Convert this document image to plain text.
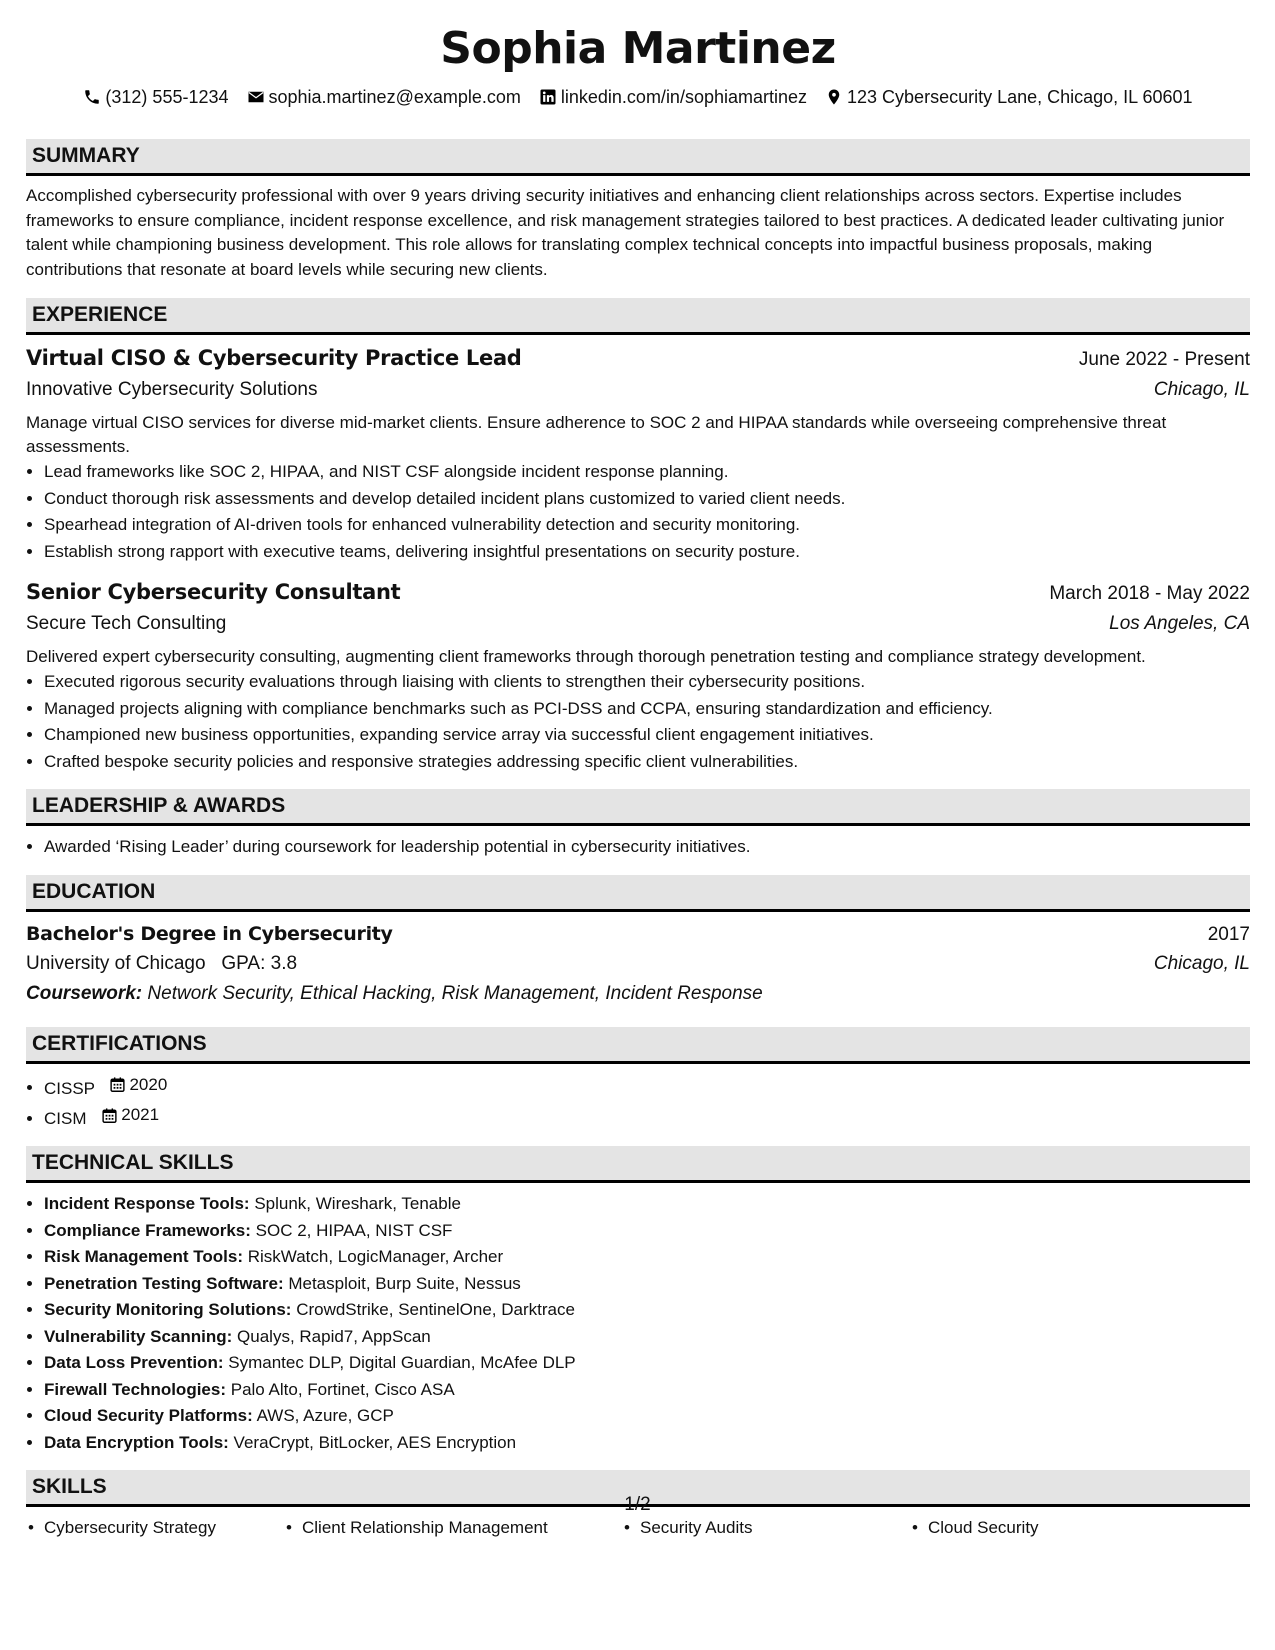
Sophia Martinez
(312) 555-1234 sophia.martinez@example.com linkedin.com/in/sophiamartinez 123 Cybersecurity Lane, Chicago, IL 60601
SUMMARY

Accomplished cybersecurity professional with over 9 years driving security initiatives and enhancing client relationships across sectors. Expertise includes frameworks to ensure compliance, incident response excellence, and risk management strategies tailored to best practices. A dedicated leader cultivating junior talent while championing business development. This role allows for translating complex technical concepts into impactful business proposals, making contributions that resonate at board levels while securing new clients.

EXPERIENCE
Virtual CISO & Cybersecurity Practice Lead	June 2022 - Present
Innovative Cybersecurity Solutions	Chicago, IL

Manage virtual CISO services for diverse mid-market clients. Ensure adherence to SOC 2 and HIPAA standards while overseeing comprehensive threat assessments.

• Lead frameworks like SOC 2, HIPAA, and NIST CSF alongside incident response planning.
• Conduct thorough risk assessments and develop detailed incident plans customized to varied client needs.
• Spearhead integration of AI-driven tools for enhanced vulnerability detection and security monitoring.
• Establish strong rapport with executive teams, delivering insightful presentations on security posture.
Senior Cybersecurity Consultant	March 2018 - May 2022
Secure Tech Consulting	Los Angeles, CA

Delivered expert cybersecurity consulting, augmenting client frameworks through thorough penetration testing and compliance strategy development.

• Executed rigorous security evaluations through liaising with clients to strengthen their cybersecurity positions.
• Managed projects aligning with compliance benchmarks such as PCI-DSS and CCPA, ensuring standardization and efficiency.
• Championed new business opportunities, expanding service array via successful client engagement initiatives.
• Crafted bespoke security policies and responsive strategies addressing specific client vulnerabilities.
LEADERSHIP & AWARDS
• Awarded ‘Rising Leader’ during coursework for leadership potential in cybersecurity initiatives.
EDUCATION
Bachelor's Degree in Cybersecurity	2017
University of Chicago GPA: 3.8	Chicago, IL
Coursework: Network Security, Ethical Hacking, Risk Management, Incident Response
CERTIFICATIONS
• CISSP 2020
• CISM 2021
TECHNICAL SKILLS
• Incident Response Tools: Splunk, Wireshark, Tenable
• Compliance Frameworks: SOC 2, HIPAA, NIST CSF
• Risk Management Tools: RiskWatch, LogicManager, Archer
• Penetration Testing Software: Metasploit, Burp Suite, Nessus
• Security Monitoring Solutions: CrowdStrike, SentinelOne, Darktrace
• Vulnerability Scanning: Qualys, Rapid7, AppScan
• Data Loss Prevention: Symantec DLP, Digital Guardian, McAfee DLP
• Firewall Technologies: Palo Alto, Fortinet, Cisco ASA
• Cloud Security Platforms: AWS, Azure, GCP
• Data Encryption Tools: VeraCrypt, BitLocker, AES Encryption
SKILLS
• Cybersecurity Strategy	• Client Relationship Management	• Security Audits	• Cloud Security
1/2
